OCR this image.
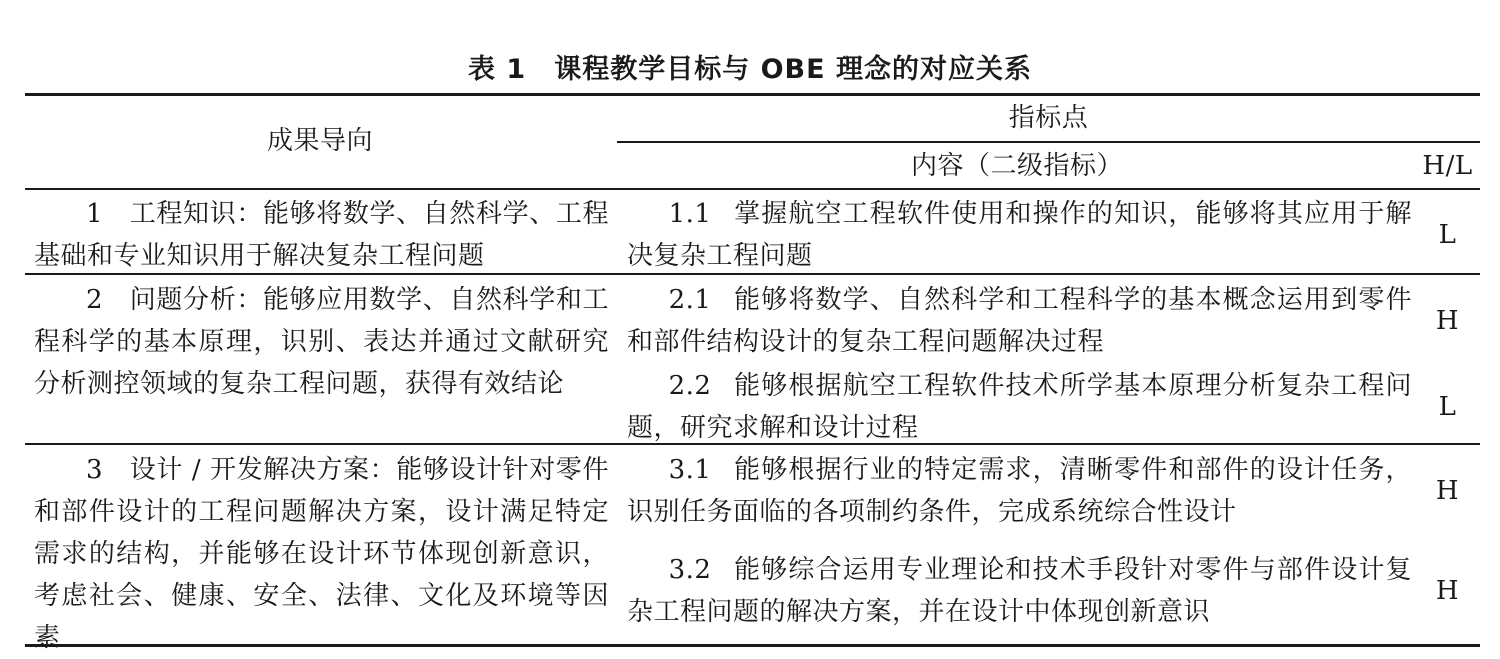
表 1 课程教学目标与 OBE 理念的对应关系
成果导向
指标点
内容（二级指标）	H/L
1　工程知识：能够将数学、自然科学、工程基础和专业知识用于解决复杂工程问题
1.1 掌握航空工程软件使用和操作的知识，能够将其应用于解决复杂工程问题
L
2　问题分析：能够应用数学、自然科学和工程科学的基本原理，识别、表达并通过文献研究分析测控领域的复杂工程问题，获得有效结论
2.1 能够将数学、自然科学和工程科学的基本概念运用到零件和部件结构设计的复杂工程问题解决过程
H
2.2 能够根据航空工程软件技术所学基本原理分析复杂工程问题，研究求解和设计过程
L
3　设计 / 开发解决方案：能够设计针对零件和部件设计的工程问题解决方案，设计满足特定需求的结构，并能够在设计环节体现创新意识，考虑社会、健康、安全、法律、文化及环境等因素
3.1 能够根据行业的特定需求，清晰零件和部件的设计任务，识别任务面临的各项制约条件，完成系统综合性设计
H
3.2 能够综合运用专业理论和技术手段针对零件与部件设计复杂工程问题的解决方案，并在设计中体现创新意识
H
